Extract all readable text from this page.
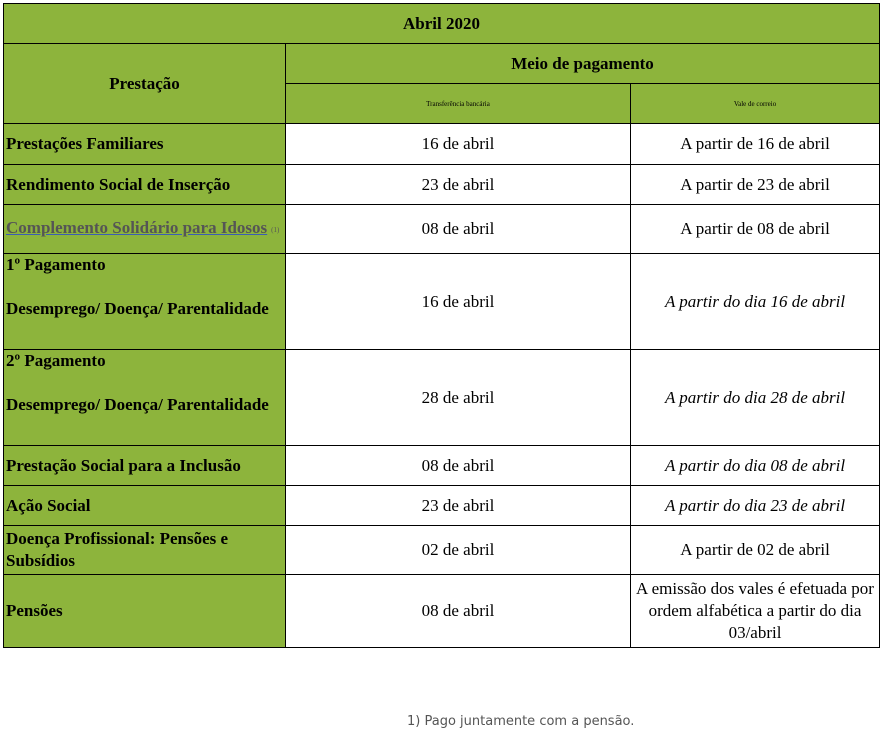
Abril 2020		
Prestação	Meio de pagamento	
	Transferência bancária	Vale de correio
Prestações Familiares	16 de abril	A partir de 16 de abril
Rendimento Social de Inserção	23 de abril	A partir de 23 de abril
Complemento Solidário para Idosos (1)	08 de abril	A partir de 08 de abril
1º Pagamento
Desemprego/ Doença/ Parentalidade	16 de abril	A partir do dia 16 de abril
2º Pagamento
Desemprego/ Doença/ Parentalidade	28 de abril	A partir do dia 28 de abril
Prestação Social para a Inclusão	08 de abril	A partir do dia 08 de abril
Ação Social	23 de abril	A partir do dia 23 de abril
Doença Profissional: Pensões e Subsídios	02 de abril	A partir de 02 de abril
Pensões	08 de abril	A emissão dos vales é efetuada por ordem alfabética a partir do dia 03/abril
1) Pago juntamente com a pensão.
